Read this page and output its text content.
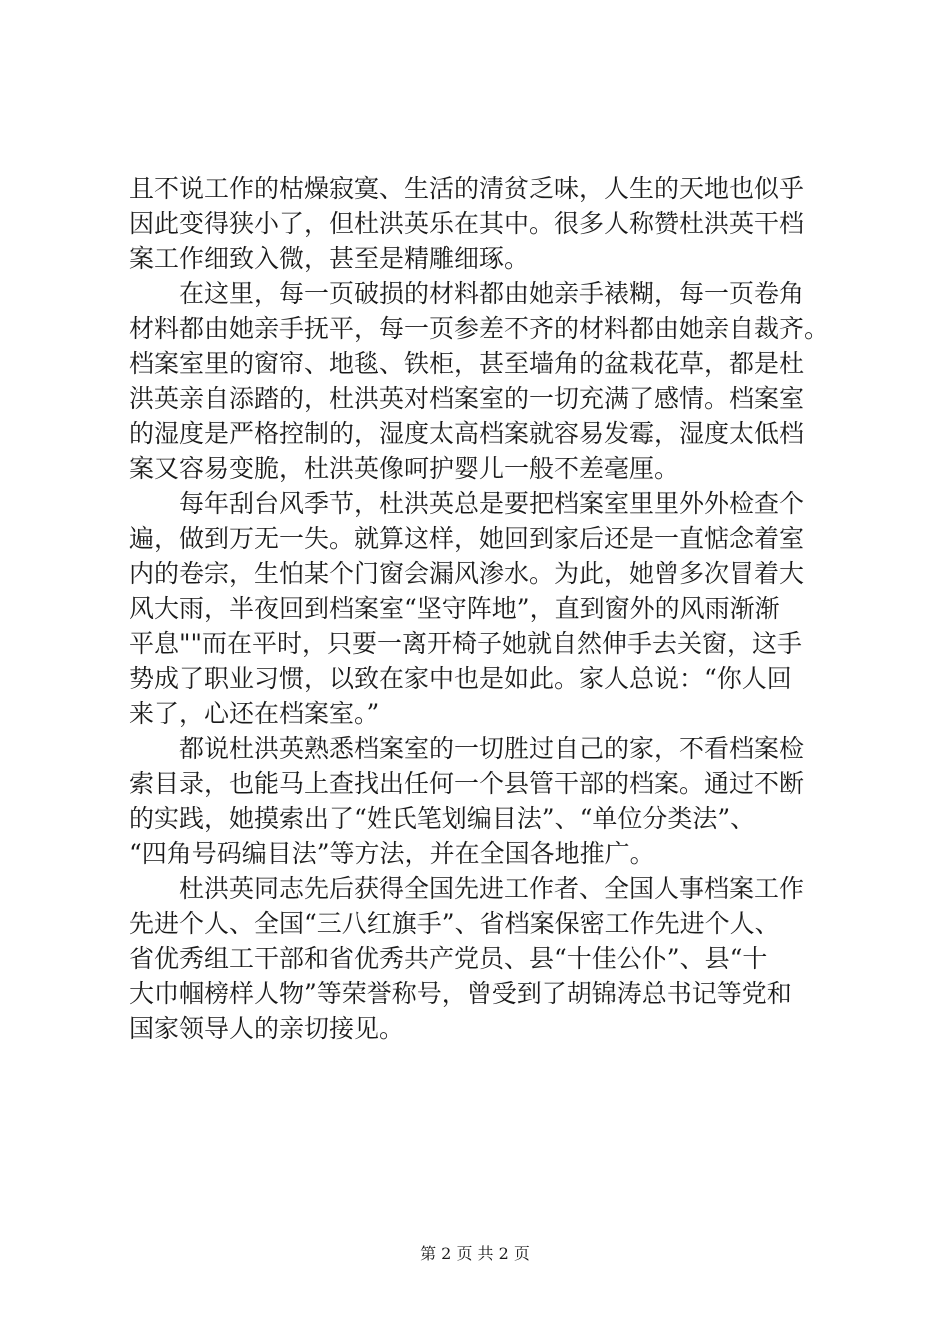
且不说工作的枯燥寂寞、生活的清贫乏味，人生的天地也似乎
因此变得狭小了，但杜洪英乐在其中。很多人称赞杜洪英干档
案工作细致入微，甚至是精雕细琢。
　　在这里，每一页破损的材料都由她亲手裱糊，每一页卷角
材料都由她亲手抚平，每一页参差不齐的材料都由她亲自裁齐。
档案室里的窗帘、地毯、铁柜，甚至墙角的盆栽花草，都是杜
洪英亲自添踏的，杜洪英对档案室的一切充满了感情。档案室
的湿度是严格控制的，湿度太高档案就容易发霉，湿度太低档
案又容易变脆，杜洪英像呵护婴儿一般不差毫厘。
　　每年刮台风季节，杜洪英总是要把档案室里里外外检查个
遍，做到万无一失。就算这样，她回到家后还是一直惦念着室
内的卷宗，生怕某个门窗会漏风渗水。为此，她曾多次冒着大
风大雨，半夜回到档案室“坚守阵地”，直到窗外的风雨渐渐
平息""而在平时，只要一离开椅子她就自然伸手去关窗，这手
势成了职业习惯，以致在家中也是如此。家人总说：“你人回
来了，心还在档案室。”
　　都说杜洪英熟悉档案室的一切胜过自己的家，不看档案检
索目录，也能马上查找出任何一个县管干部的档案。通过不断
的实践，她摸索出了“姓氏笔划编目法”、“单位分类法”、
“四角号码编目法”等方法，并在全国各地推广。
　　杜洪英同志先后获得全国先进工作者、全国人事档案工作
先进个人、全国“三八红旗手”、省档案保密工作先进个人、
省优秀组工干部和省优秀共产党员、县“十佳公仆”、县“十
大巾帼榜样人物”等荣誉称号，曾受到了胡锦涛总书记等党和
国家领导人的亲切接见。
第 2 页 共 2 页
